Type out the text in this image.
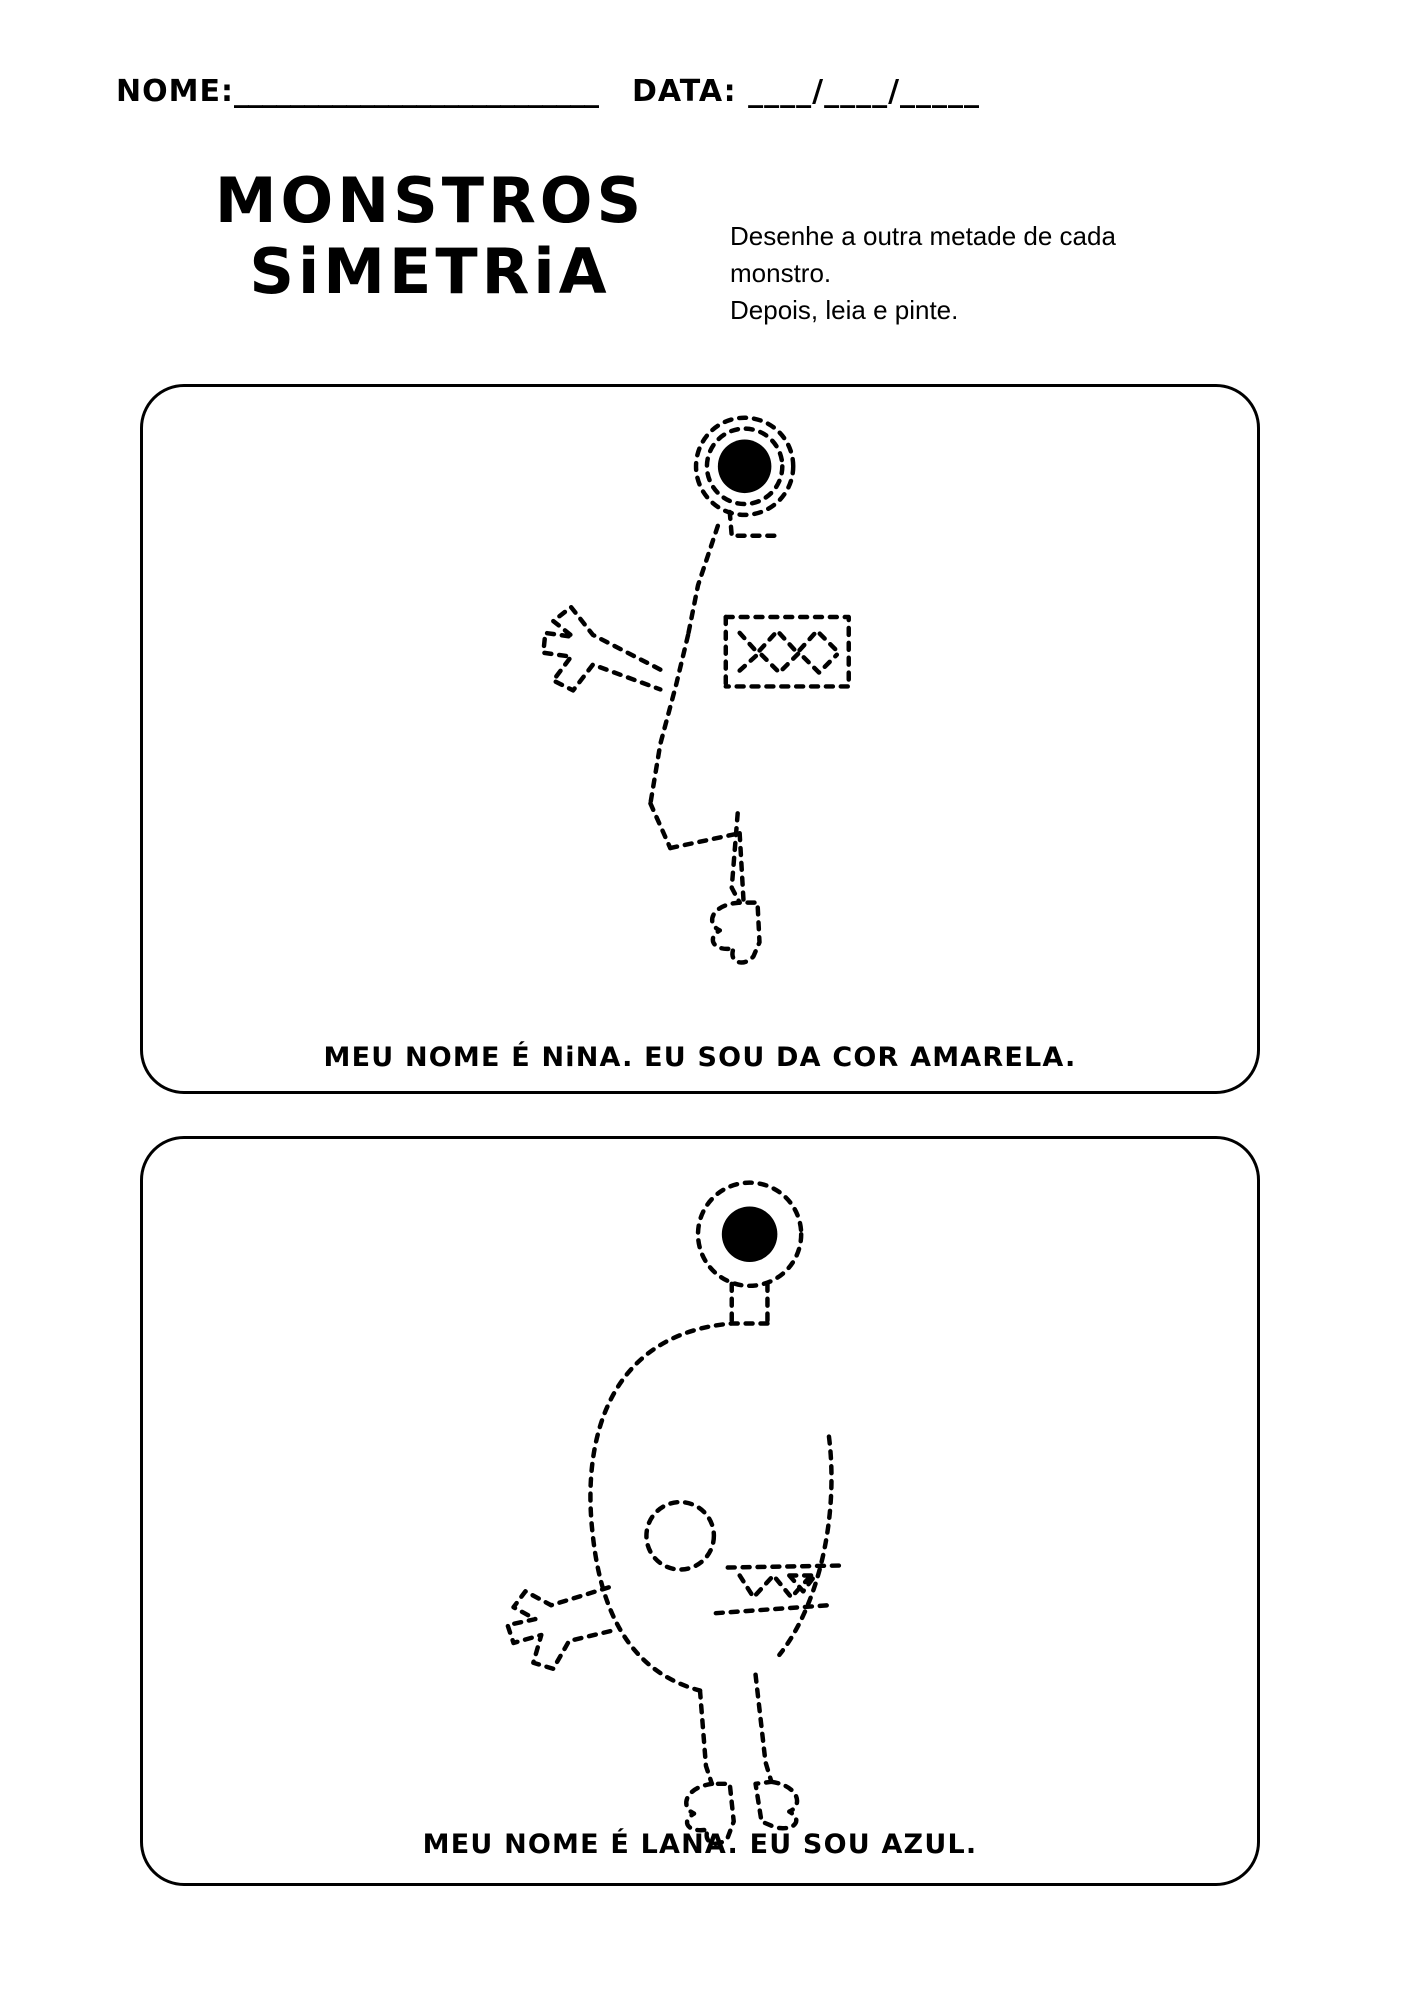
NOME: __________________________ DATA: ____/____/_____
MONSTROS
SiMETRiA	Desenhe a outra metade de cada

monstro.

Depois, leia e pinte.

MEU NOME É NiNA. EU SOU DA COR AMARELA.
MEU NOME É LANA. EU SOU AZUL.
